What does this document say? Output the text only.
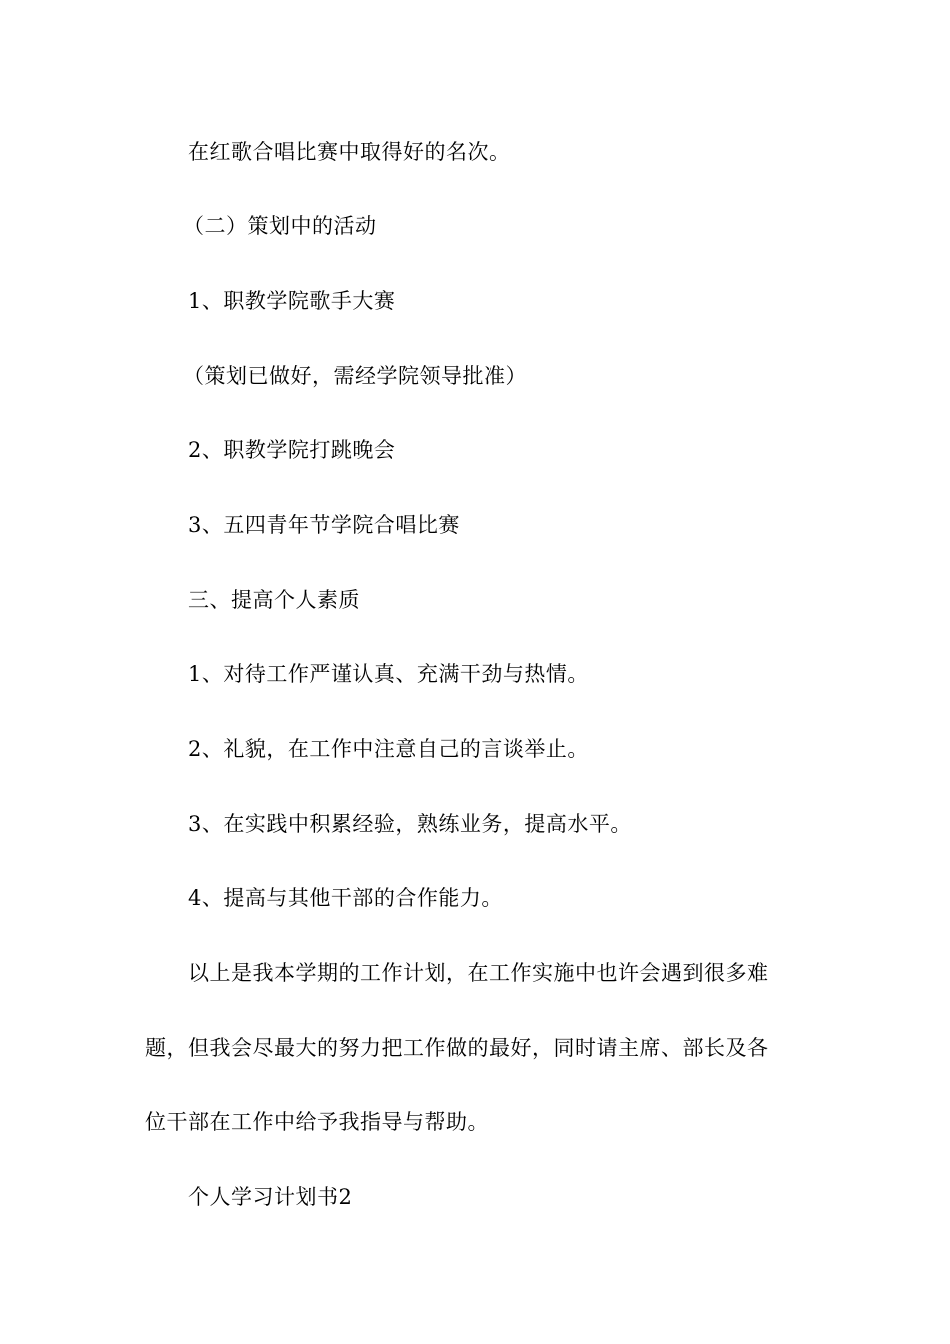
在红歌合唱比赛中取得好的名次。
（二）策划中的活动
1、职教学院歌手大赛
（策划已做好，需经学院领导批准）
2、职教学院打跳晚会
3、五四青年节学院合唱比赛
三、提高个人素质
1、对待工作严谨认真、充满干劲与热情。
2、礼貌，在工作中注意自己的言谈举止。
3、在实践中积累经验，熟练业务，提高水平。
4、提高与其他干部的合作能力。
以上是我本学期的工作计划，在工作实施中也许会遇到很多难
题，但我会尽最大的努力把工作做的最好，同时请主席、部长及各
位干部在工作中给予我指导与帮助。
个人学习计划书2
